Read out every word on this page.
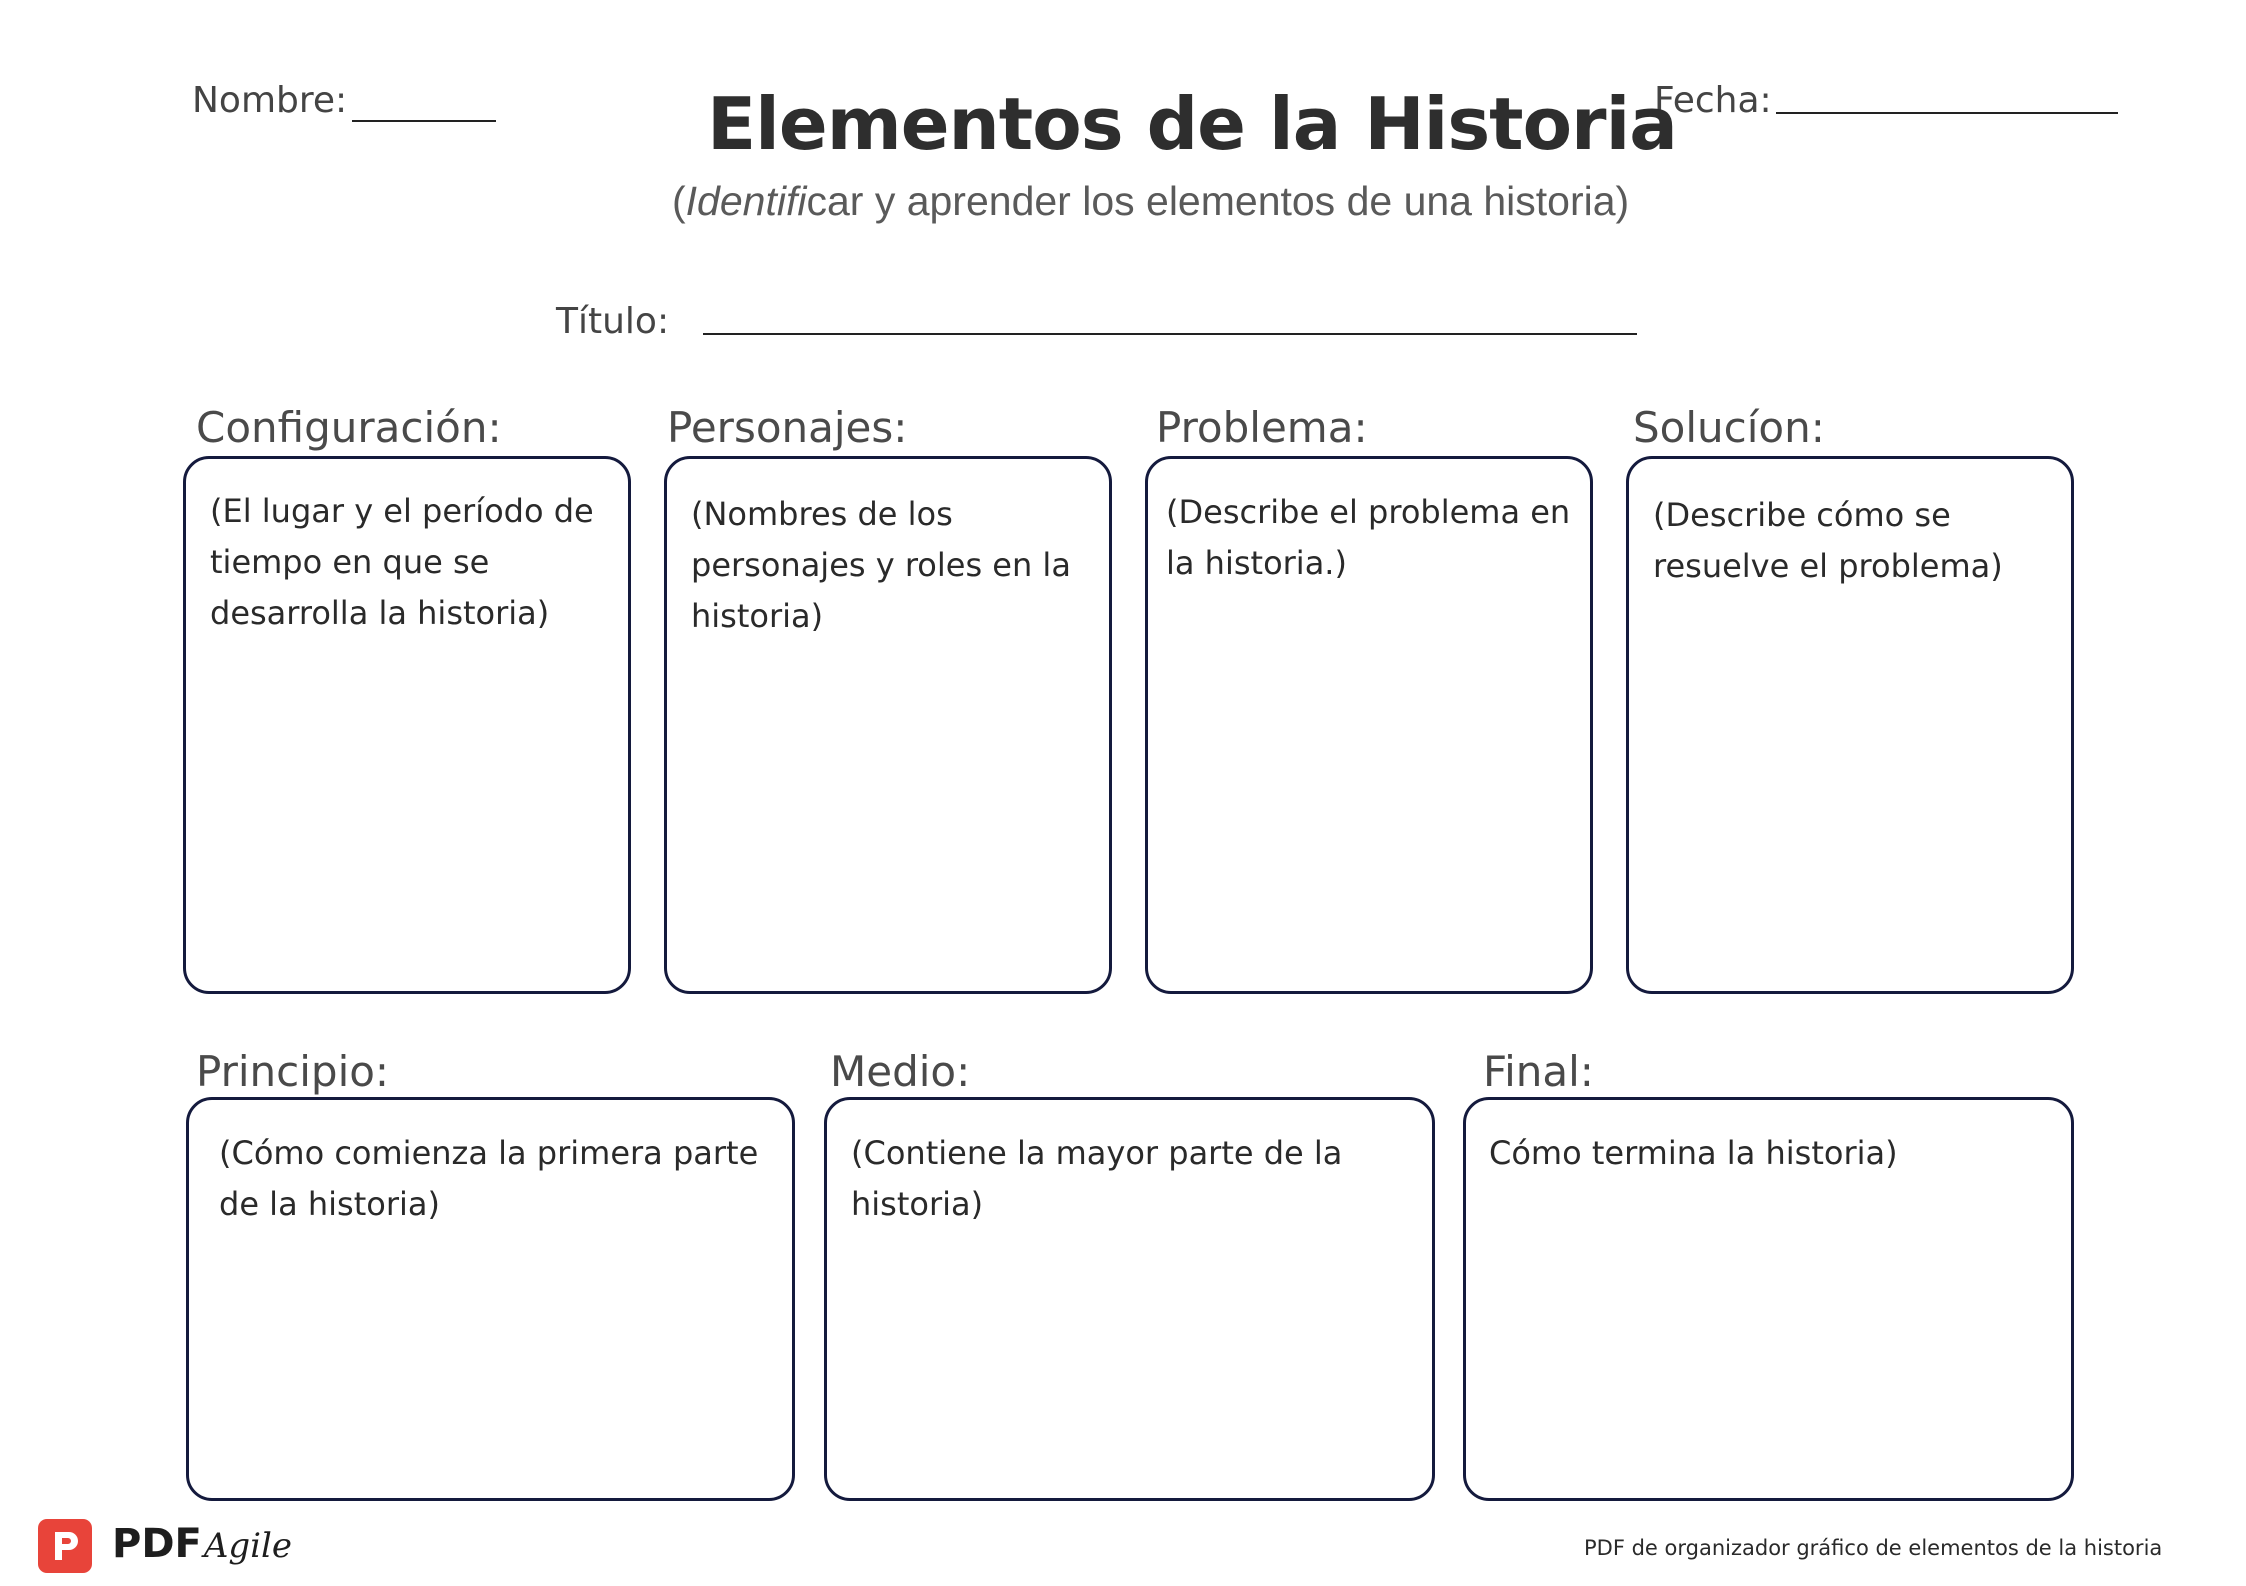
Nombre:	Fecha:
Elementos de la Historia
(Identificar y aprender los elementos de una historia)
Título:
Configuración:
(El lugar y el período de tiempo en que se desarrolla la historia)
Personajes:
(Nombres de los personajes y roles en la historia)
Problema:
(Describe el problema en la historia.)
Solucíon:
(Describe cómo se resuelve el problema)
Principio:
(Cómo comienza la primera parte de la historia)
Medio:
(Contiene la mayor parte de la historia)
Final:
Cómo termina la historia)
PDFAgile	PDF de organizador gráfico de elementos de la historia
